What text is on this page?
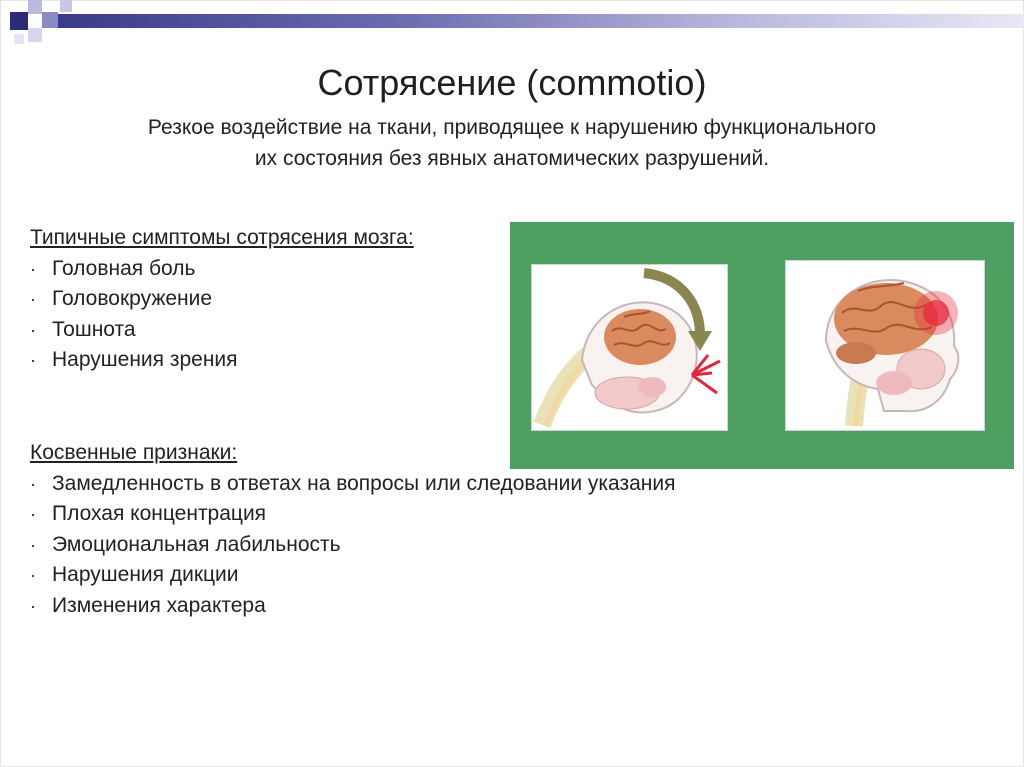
Сотрясение (commotio)
Резкое воздействие на ткани, приводящее к нарушению функционального
их состояния без явных анатомических разрушений.
Типичные симптомы сотрясения мозга:
· Головная боль
· Головокружение
· Тошнота
· Нарушения зрения
Косвенные признаки:
· Замедленность в ответах на вопросы или следовании указания
· Плохая концентрация
· Эмоциональная лабильность
· Нарушения дикции
· Изменения характера
